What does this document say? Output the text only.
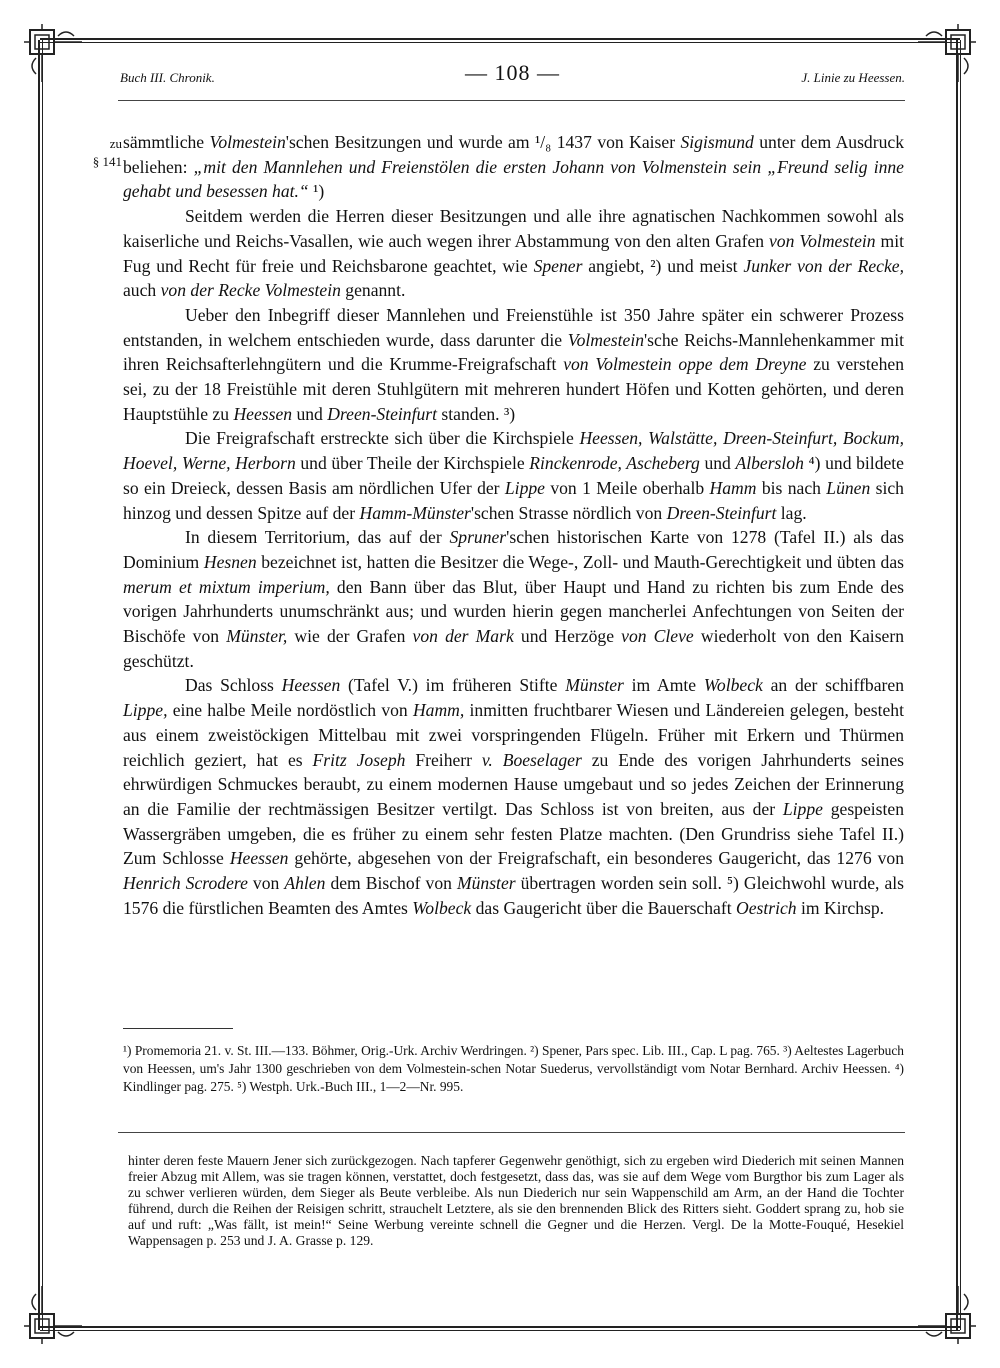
Buch III. Chronik.	— 108 —	J. Linie zu Heessen.
zu
§ 141

sämmtliche Volmestein'schen Besitzungen und wurde am ¹/₈ 1437 von Kaiser Sigismund unter dem Ausdruck beliehen: „mit den Mannlehen und Freienstölen die ersten Johann von Volmenstein sein „Freund selig inne gehabt und besessen hat.“ ¹)

Seitdem werden die Herren dieser Besitzungen und alle ihre agnatischen Nachkommen sowohl als kaiserliche und Reichs-Vasallen, wie auch wegen ihrer Abstammung von den alten Grafen von Volmestein mit Fug und Recht für freie und Reichsbarone geachtet, wie Spener angiebt, ²) und meist Junker von der Recke, auch von der Recke Volmestein genannt.

Ueber den Inbegriff dieser Mannlehen und Freienstühle ist 350 Jahre später ein schwerer Prozess entstanden, in welchem entschieden wurde, dass darunter die Volmestein'sche Reichs-Mannlehenkammer mit ihren Reichsafterlehngütern und die Krumme-Freigrafschaft von Volmestein oppe dem Dreyne zu verstehen sei, zu der 18 Freistühle mit deren Stuhlgütern mit mehreren hundert Höfen und Kotten gehörten, und deren Hauptstühle zu Heessen und Dreen-Steinfurt standen. ³)

Die Freigrafschaft erstreckte sich über die Kirchspiele Heessen, Walstätte, Dreen-Steinfurt, Bockum, Hoevel, Werne, Herborn und über Theile der Kirchspiele Rinckenrode, Ascheberg und Albersloh ⁴) und bildete so ein Dreieck, dessen Basis am nördlichen Ufer der Lippe von 1 Meile oberhalb Hamm bis nach Lünen sich hinzog und dessen Spitze auf der Hamm-Münster'schen Strasse nördlich von Dreen-Steinfurt lag.

In diesem Territorium, das auf der Spruner'schen historischen Karte von 1278 (Tafel II.) als das Dominium Hesnen bezeichnet ist, hatten die Besitzer die Wege-, Zoll- und Mauth-Gerechtigkeit und übten das merum et mixtum imperium, den Bann über das Blut, über Haupt und Hand zu richten bis zum Ende des vorigen Jahrhunderts unumschränkt aus; und wurden hierin gegen mancherlei Anfechtungen von Seiten der Bischöfe von Münster, wie der Grafen von der Mark und Herzöge von Cleve wiederholt von den Kaisern geschützt.

Das Schloss Heessen (Tafel V.) im früheren Stifte Münster im Amte Wolbeck an der schiffbaren Lippe, eine halbe Meile nordöstlich von Hamm, inmitten fruchtbarer Wiesen und Ländereien gelegen, besteht aus einem zweistöckigen Mittelbau mit zwei vorspringenden Flügeln. Früher mit Erkern und Thürmen reichlich geziert, hat es Fritz Joseph Freiherr v. Boeselager zu Ende des vorigen Jahrhunderts seines ehrwürdigen Schmuckes beraubt, zu einem modernen Hause umgebaut und so jedes Zeichen der Erinnerung an die Familie der rechtmässigen Besitzer vertilgt. Das Schloss ist von breiten, aus der Lippe gespeisten Wassergräben umgeben, die es früher zu einem sehr festen Platze machten. (Den Grundriss siehe Tafel II.) Zum Schlosse Heessen gehörte, abgesehen von der Freigrafschaft, ein besonderes Gaugericht, das 1276 von Henrich Scrodere von Ahlen dem Bischof von Münster übertragen worden sein soll. ⁵) Gleichwohl wurde, als 1576 die fürstlichen Beamten des Amtes Wolbeck das Gaugericht über die Bauerschaft Oestrich im Kirchsp.

¹) Promemoria 21. v. St. III.—133. Böhmer, Orig.-Urk. Archiv Werdringen. ²) Spener, Pars spec. Lib. III., Cap. L pag. 765. ³) Aeltestes Lagerbuch von Heessen, um's Jahr 1300 geschrieben von dem Volmestein-schen Notar Suederus, vervollständigt vom Notar Bernhard. Archiv Heessen. ⁴) Kindlinger pag. 275. ⁵) Westph. Urk.-Buch III., 1—2—Nr. 995.
hinter deren feste Mauern Jener sich zurückgezogen. Nach tapferer Gegenwehr genöthigt, sich zu ergeben wird Diederich mit seinen Mannen freier Abzug mit Allem, was sie tragen können, verstattet, doch festgesetzt, dass das, was sie auf dem Wege vom Burgthor bis zum Lager als zu schwer verlieren würden, dem Sieger als Beute verbleibe. Als nun Diederich nur sein Wappenschild am Arm, an der Hand die Tochter führend, durch die Reihen der Reisigen schritt, strauchelt Letztere, als sie den brennenden Blick des Ritters sieht. Goddert sprang zu, hob sie auf und ruft: „Was fällt, ist mein!“ Seine Werbung vereinte schnell die Gegner und die Herzen. Vergl. De la Motte-Fouqué, Hesekiel Wappensagen p. 253 und J. A. Grasse p. 129.
